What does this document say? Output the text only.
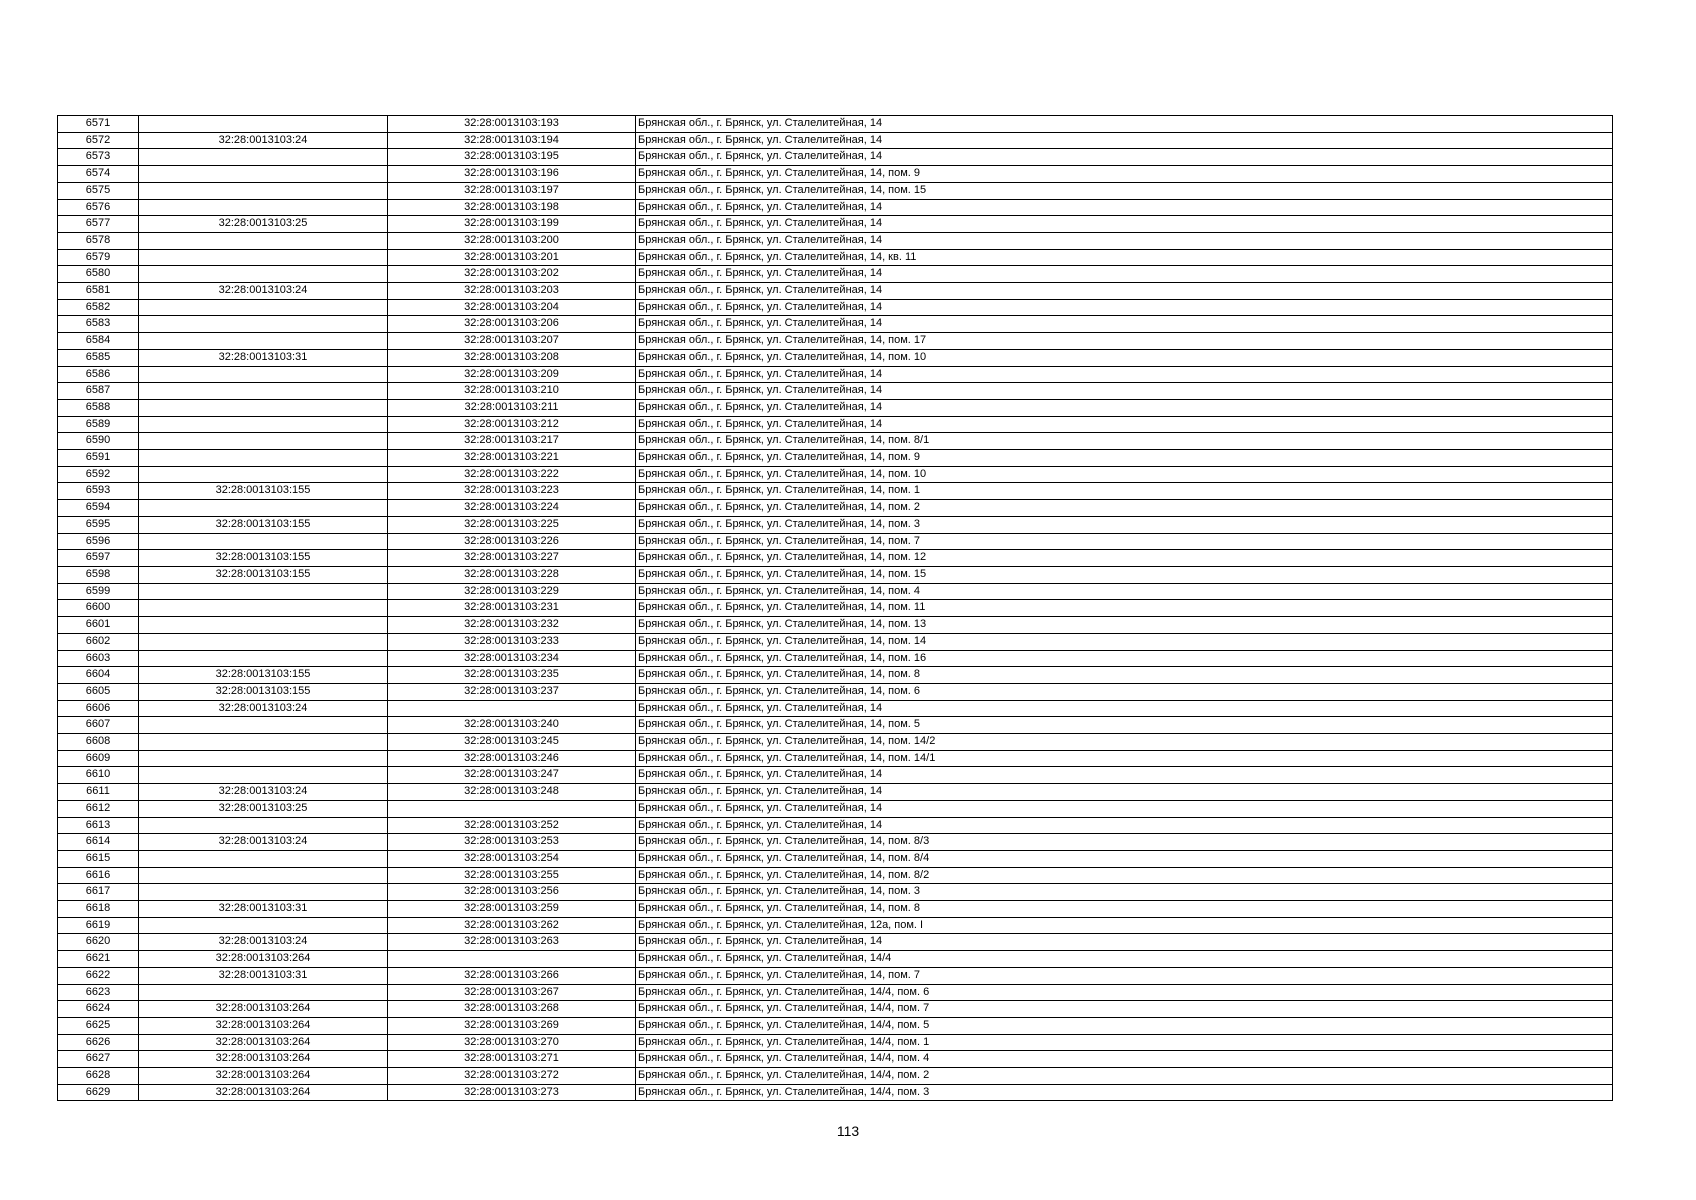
6571		32:28:0013103:193	Брянская обл., г. Брянск, ул. Сталелитейная, 14
6572	32:28:0013103:24	32:28:0013103:194	Брянская обл., г. Брянск, ул. Сталелитейная, 14
6573		32:28:0013103:195	Брянская обл., г. Брянск, ул. Сталелитейная, 14
6574		32:28:0013103:196	Брянская обл., г. Брянск, ул. Сталелитейная, 14, пом. 9
6575		32:28:0013103:197	Брянская обл., г. Брянск, ул. Сталелитейная, 14, пом. 15
6576		32:28:0013103:198	Брянская обл., г. Брянск, ул. Сталелитейная, 14
6577	32:28:0013103:25	32:28:0013103:199	Брянская обл., г. Брянск, ул. Сталелитейная, 14
6578		32:28:0013103:200	Брянская обл., г. Брянск, ул. Сталелитейная, 14
6579		32:28:0013103:201	Брянская обл., г. Брянск, ул. Сталелитейная, 14, кв. 11
6580		32:28:0013103:202	Брянская обл., г. Брянск, ул. Сталелитейная, 14
6581	32:28:0013103:24	32:28:0013103:203	Брянская обл., г. Брянск, ул. Сталелитейная, 14
6582		32:28:0013103:204	Брянская обл., г. Брянск, ул. Сталелитейная, 14
6583		32:28:0013103:206	Брянская обл., г. Брянск, ул. Сталелитейная, 14
6584		32:28:0013103:207	Брянская обл., г. Брянск, ул. Сталелитейная, 14, пом. 17
6585	32:28:0013103:31	32:28:0013103:208	Брянская обл., г. Брянск, ул. Сталелитейная, 14, пом. 10
6586		32:28:0013103:209	Брянская обл., г. Брянск, ул. Сталелитейная, 14
6587		32:28:0013103:210	Брянская обл., г. Брянск, ул. Сталелитейная, 14
6588		32:28:0013103:211	Брянская обл., г. Брянск, ул. Сталелитейная, 14
6589		32:28:0013103:212	Брянская обл., г. Брянск, ул. Сталелитейная, 14
6590		32:28:0013103:217	Брянская обл., г. Брянск, ул. Сталелитейная, 14, пом. 8/1
6591		32:28:0013103:221	Брянская обл., г. Брянск, ул. Сталелитейная, 14, пом. 9
6592		32:28:0013103:222	Брянская обл., г. Брянск, ул. Сталелитейная, 14, пом. 10
6593	32:28:0013103:155	32:28:0013103:223	Брянская обл., г. Брянск, ул. Сталелитейная, 14, пом. 1
6594		32:28:0013103:224	Брянская обл., г. Брянск, ул. Сталелитейная, 14, пом. 2
6595	32:28:0013103:155	32:28:0013103:225	Брянская обл., г. Брянск, ул. Сталелитейная, 14, пом. 3
6596		32:28:0013103:226	Брянская обл., г. Брянск, ул. Сталелитейная, 14, пом. 7
6597	32:28:0013103:155	32:28:0013103:227	Брянская обл., г. Брянск, ул. Сталелитейная, 14, пом. 12
6598	32:28:0013103:155	32:28:0013103:228	Брянская обл., г. Брянск, ул. Сталелитейная, 14, пом. 15
6599		32:28:0013103:229	Брянская обл., г. Брянск, ул. Сталелитейная, 14, пом. 4
6600		32:28:0013103:231	Брянская обл., г. Брянск, ул. Сталелитейная, 14, пом. 11
6601		32:28:0013103:232	Брянская обл., г. Брянск, ул. Сталелитейная, 14, пом. 13
6602		32:28:0013103:233	Брянская обл., г. Брянск, ул. Сталелитейная, 14, пом. 14
6603		32:28:0013103:234	Брянская обл., г. Брянск, ул. Сталелитейная, 14, пом. 16
6604	32:28:0013103:155	32:28:0013103:235	Брянская обл., г. Брянск, ул. Сталелитейная, 14, пом. 8
6605	32:28:0013103:155	32:28:0013103:237	Брянская обл., г. Брянск, ул. Сталелитейная, 14, пом. 6
6606	32:28:0013103:24		Брянская обл., г. Брянск, ул. Сталелитейная, 14
6607		32:28:0013103:240	Брянская обл., г. Брянск, ул. Сталелитейная, 14, пом. 5
6608		32:28:0013103:245	Брянская обл., г. Брянск, ул. Сталелитейная, 14, пом. 14/2
6609		32:28:0013103:246	Брянская обл., г. Брянск, ул. Сталелитейная, 14, пом. 14/1
6610		32:28:0013103:247	Брянская обл., г. Брянск, ул. Сталелитейная, 14
6611	32:28:0013103:24	32:28:0013103:248	Брянская обл., г. Брянск, ул. Сталелитейная, 14
6612	32:28:0013103:25		Брянская обл., г. Брянск, ул. Сталелитейная, 14
6613		32:28:0013103:252	Брянская обл., г. Брянск, ул. Сталелитейная, 14
6614	32:28:0013103:24	32:28:0013103:253	Брянская обл., г. Брянск, ул. Сталелитейная, 14, пом. 8/3
6615		32:28:0013103:254	Брянская обл., г. Брянск, ул. Сталелитейная, 14, пом. 8/4
6616		32:28:0013103:255	Брянская обл., г. Брянск, ул. Сталелитейная, 14, пом. 8/2
6617		32:28:0013103:256	Брянская обл., г. Брянск, ул. Сталелитейная, 14, пом. 3
6618	32:28:0013103:31	32:28:0013103:259	Брянская обл., г. Брянск, ул. Сталелитейная, 14, пом. 8
6619		32:28:0013103:262	Брянская обл., г. Брянск, ул. Сталелитейная, 12а, пом. I
6620	32:28:0013103:24	32:28:0013103:263	Брянская обл., г. Брянск, ул. Сталелитейная, 14
6621	32:28:0013103:264		Брянская обл., г. Брянск, ул. Сталелитейная, 14/4
6622	32:28:0013103:31	32:28:0013103:266	Брянская обл., г. Брянск, ул. Сталелитейная, 14, пом. 7
6623		32:28:0013103:267	Брянская обл., г. Брянск, ул. Сталелитейная, 14/4, пом. 6
6624	32:28:0013103:264	32:28:0013103:268	Брянская обл., г. Брянск, ул. Сталелитейная, 14/4, пом. 7
6625	32:28:0013103:264	32:28:0013103:269	Брянская обл., г. Брянск, ул. Сталелитейная, 14/4, пом. 5
6626	32:28:0013103:264	32:28:0013103:270	Брянская обл., г. Брянск, ул. Сталелитейная, 14/4, пом. 1
6627	32:28:0013103:264	32:28:0013103:271	Брянская обл., г. Брянск, ул. Сталелитейная, 14/4, пом. 4
6628	32:28:0013103:264	32:28:0013103:272	Брянская обл., г. Брянск, ул. Сталелитейная, 14/4, пом. 2
6629	32:28:0013103:264	32:28:0013103:273	Брянская обл., г. Брянск, ул. Сталелитейная, 14/4, пом. 3
113
